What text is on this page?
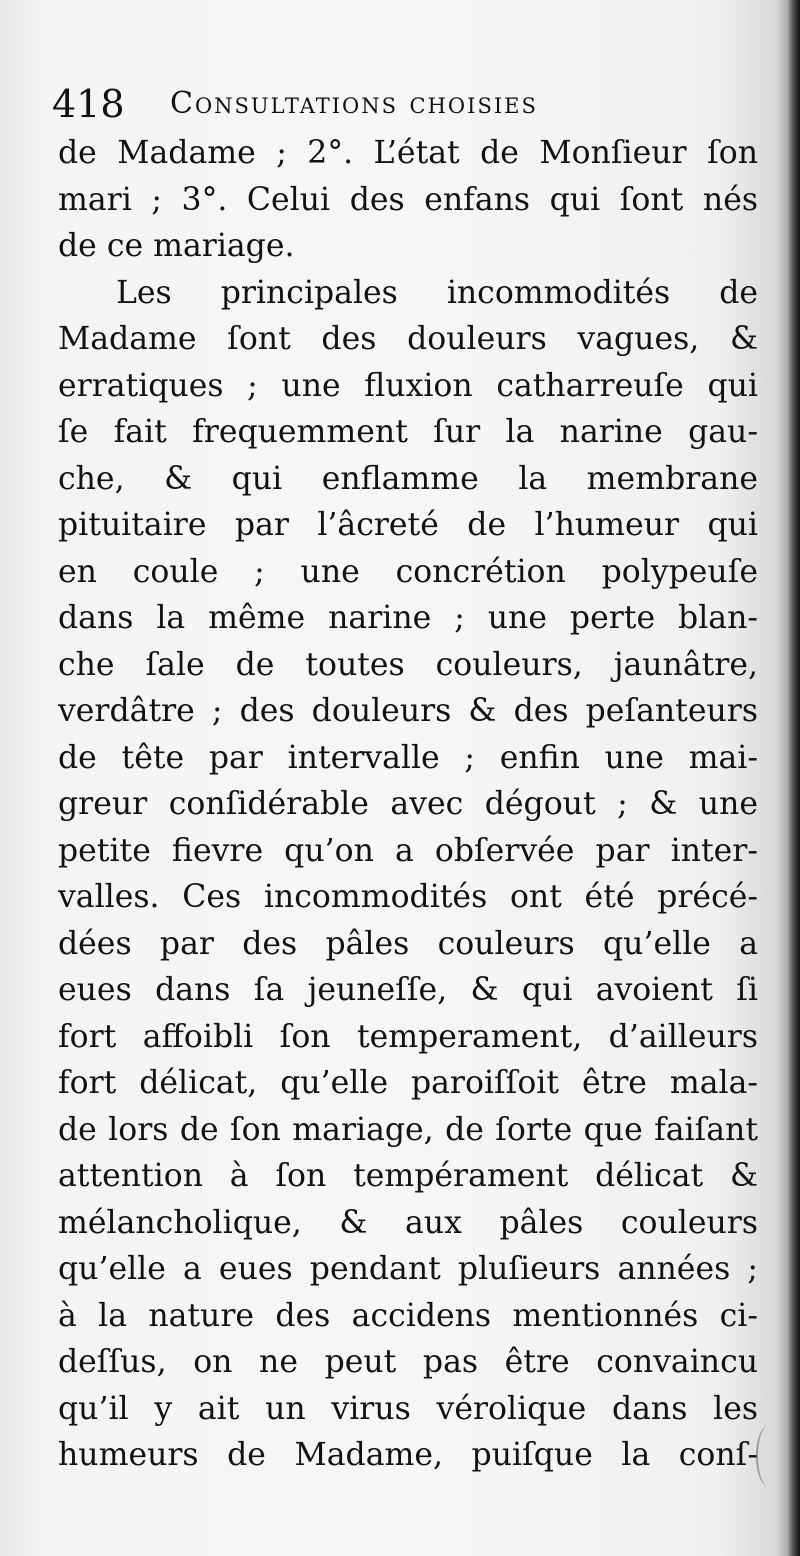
418 Consultations choisies
de Madame ; 2°. L’état de Monſieur ſon
mari ; 3°. Celui des enfans qui ſont nés
de ce mariage.
Les principales incommodités de
Madame ſont des douleurs vagues, &
erratiques ; une fluxion catharreuſe qui
ſe fait frequemment ſur la narine gau-
che, & qui enflamme la membrane
pituitaire par l’âcreté de l’humeur qui
en coule ; une concrétion polypeuſe
dans la même narine ; une perte blan-
che ſale de toutes couleurs, jaunâtre,
verdâtre ; des douleurs & des peſanteurs
de tête par intervalle ; enfin une mai-
greur conſidérable avec dégout ; & une
petite fievre qu’on a obſervée par inter-
valles. Ces incommodités ont été précé-
dées par des pâles couleurs qu’elle a
eues dans ſa jeuneſſe, & qui avoient ſi
fort affoibli ſon temperament, d’ailleurs
fort délicat, qu’elle paroiſſoit être mala-
de lors de ſon mariage, de ſorte que faiſant
attention à ſon tempérament délicat &
mélancholique, & aux pâles couleurs
qu’elle a eues pendant pluſieurs années ;
à la nature des accidens mentionnés ci-
deſſus, on ne peut pas être convaincu
qu’il y ait un virus vérolique dans les
humeurs de Madame, puiſque la conſ-
